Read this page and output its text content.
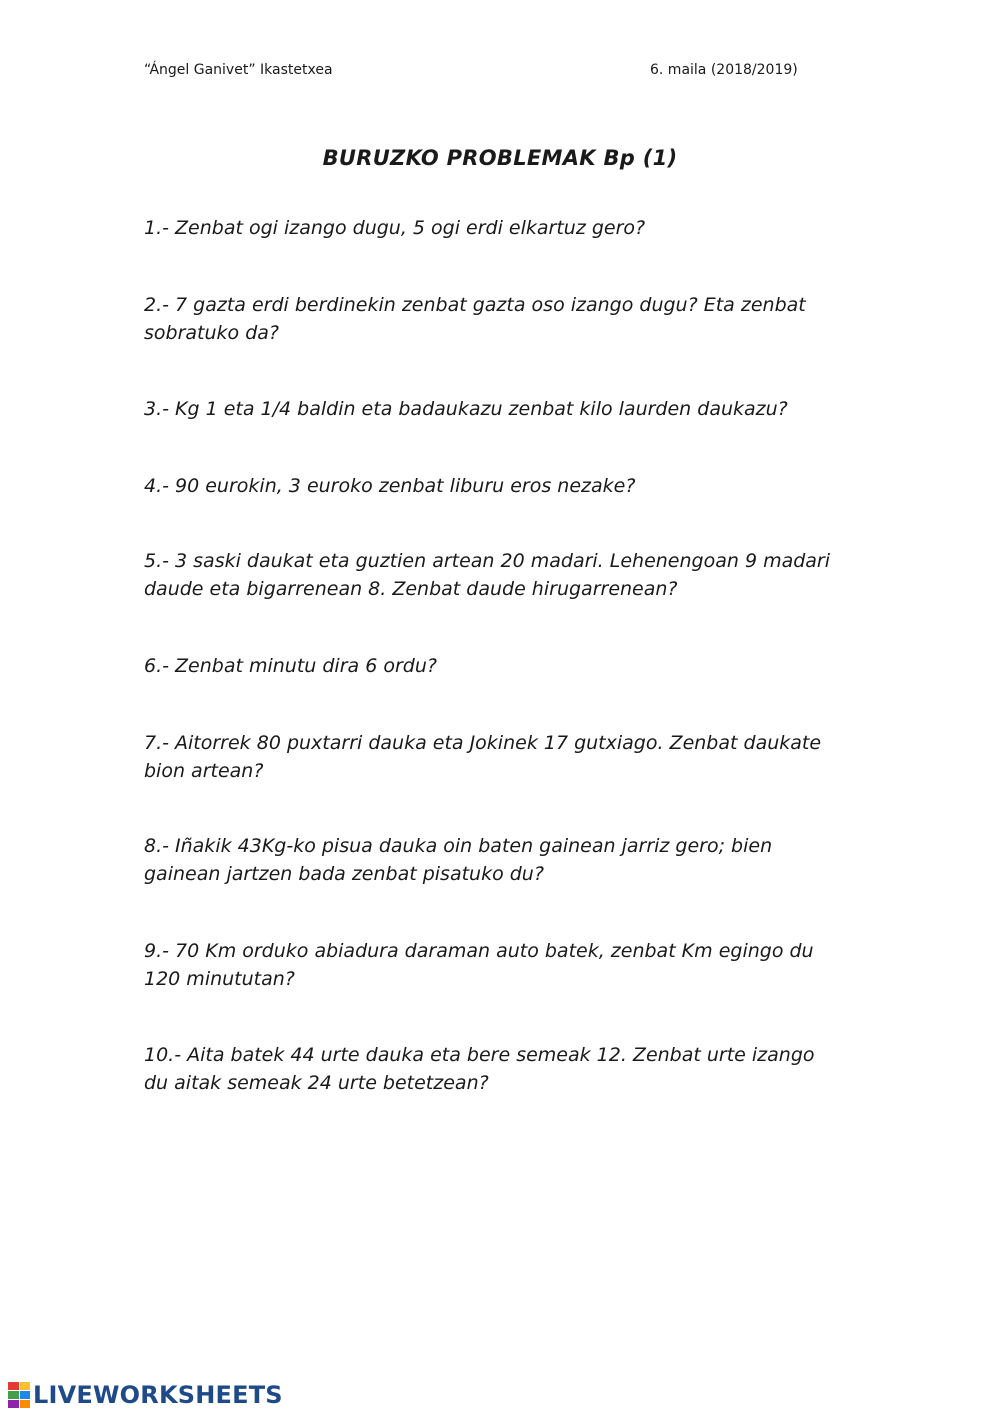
“Ángel Ganivet” Ikastetxea	6. maila (2018/2019)
BURUZKO PROBLEMAK Bp (1)
1.- Zenbat ogi izango dugu, 5 ogi erdi elkartuz gero?
2.- 7 gazta erdi berdinekin zenbat gazta oso izango dugu? Eta zenbat sobratuko da?
3.- Kg 1 eta 1/4 baldin eta badaukazu zenbat kilo laurden daukazu?
4.- 90 eurokin, 3 euroko zenbat liburu eros nezake?
5.- 3 saski daukat eta guztien artean 20 madari. Lehenengoan 9 madari daude eta bigarrenean 8. Zenbat daude hirugarrenean?
6.- Zenbat minutu dira 6 ordu?
7.- Aitorrek 80 puxtarri dauka eta Jokinek 17 gutxiago. Zenbat daukate bion artean?
8.- Iñakik 43Kg-ko pisua dauka oin baten gainean jarriz gero; bien gainean jartzen bada zenbat pisatuko du?
9.- 70 Km orduko abiadura daraman auto batek, zenbat Km egingo du 120 minututan?
10.- Aita batek 44 urte dauka eta bere semeak 12. Zenbat urte izango du aitak semeak 24 urte betetzean?
LIVEWORKSHEETS
